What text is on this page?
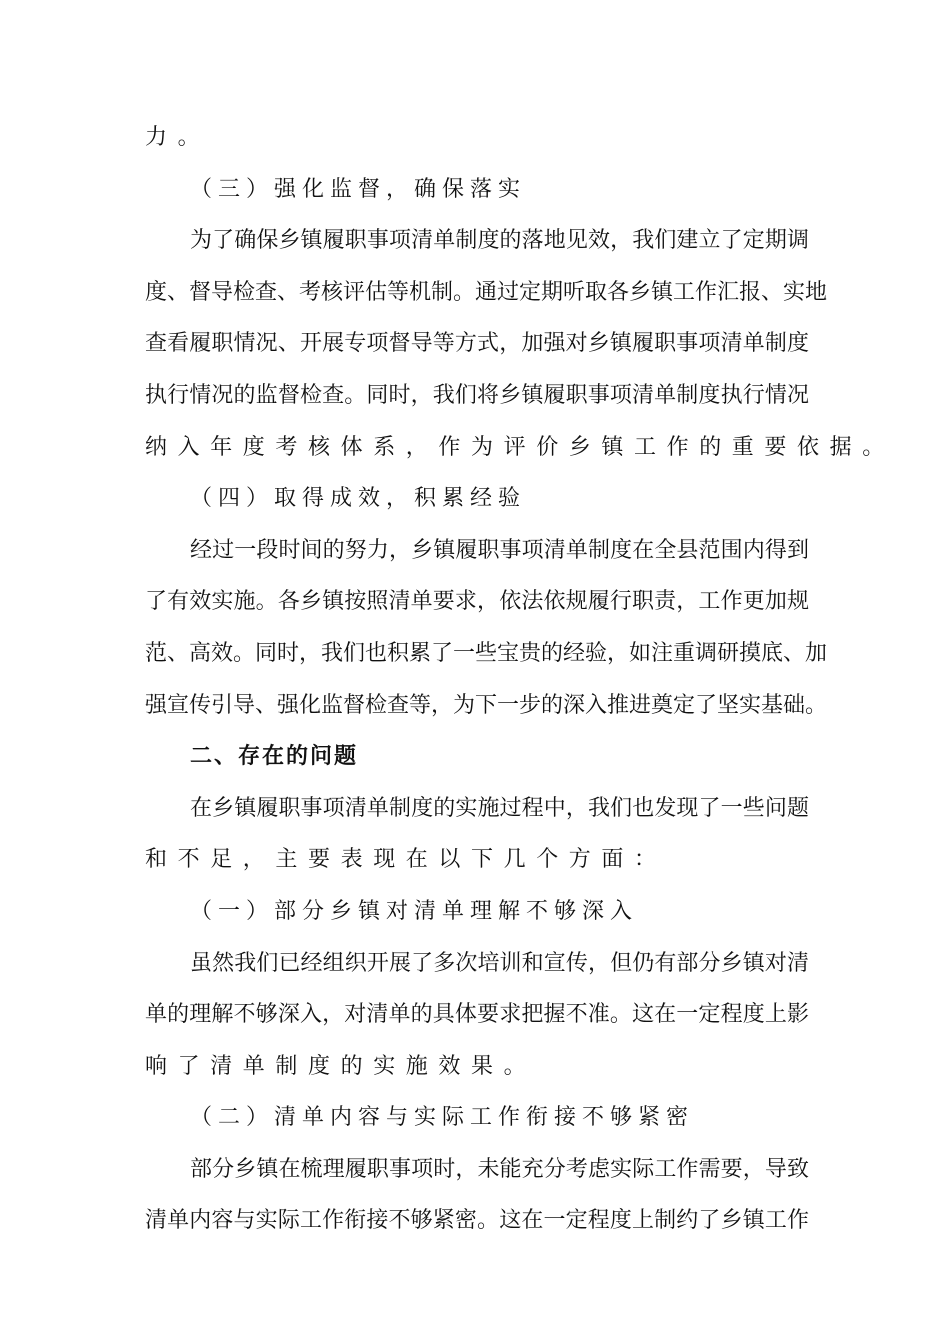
力。
（三）强化监督，确保落实
为了确保乡镇履职事项清单制度的落地见效，我们建立了定期调
度、督导检查、考核评估等机制。通过定期听取各乡镇工作汇报、实地
查看履职情况、开展专项督导等方式，加强对乡镇履职事项清单制度
执行情况的监督检查。同时，我们将乡镇履职事项清单制度执行情况
纳入年度考核体系，作为评价乡镇工作的重要依据。
（四）取得成效，积累经验
经过一段时间的努力，乡镇履职事项清单制度在全县范围内得到
了有效实施。各乡镇按照清单要求，依法依规履行职责，工作更加规
范、高效。同时，我们也积累了一些宝贵的经验，如注重调研摸底、加
强宣传引导、强化监督检查等，为下一步的深入推进奠定了坚实基础。
二、存在的问题
在乡镇履职事项清单制度的实施过程中，我们也发现了一些问题
和不足，主要表现在以下几个方面：
（一）部分乡镇对清单理解不够深入
虽然我们已经组织开展了多次培训和宣传，但仍有部分乡镇对清
单的理解不够深入，对清单的具体要求把握不准。这在一定程度上影
响了清单制度的实施效果。
（二）清单内容与实际工作衔接不够紧密
部分乡镇在梳理履职事项时，未能充分考虑实际工作需要，导致
清单内容与实际工作衔接不够紧密。这在一定程度上制约了乡镇工作
